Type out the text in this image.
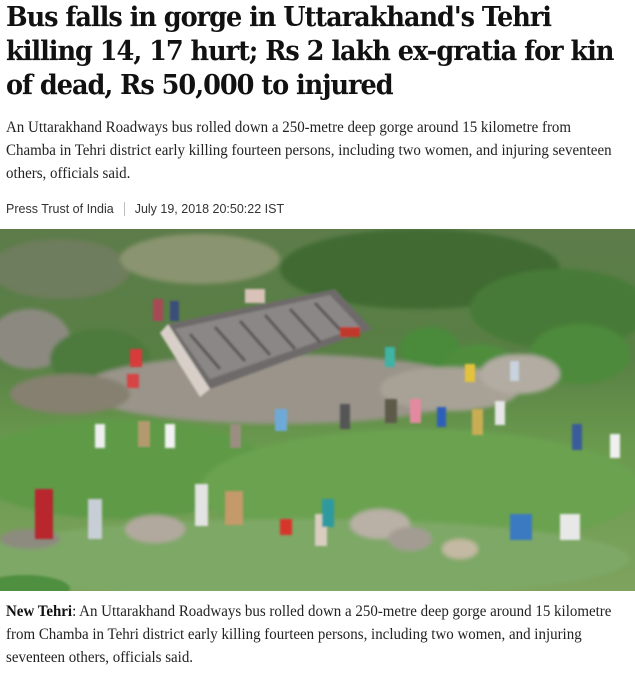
Bus falls in gorge in Uttarakhand's Tehri killing 14, 17 hurt; Rs 2 lakh ex-gratia for kin of dead, Rs 50,000 to injured

An Uttarakhand Roadways bus rolled down a 250-metre deep gorge around 15 kilometre from Chamba in Tehri district early killing fourteen persons, including two women, and injuring seventeen others, officials said.

Press Trust of India July 19, 2018 20:50:22 IST

New Tehri: An Uttarakhand Roadways bus rolled down a 250-metre deep gorge around 15 kilometre from Chamba in Tehri district early killing fourteen persons, including two women, and injuring seventeen others, officials said.
